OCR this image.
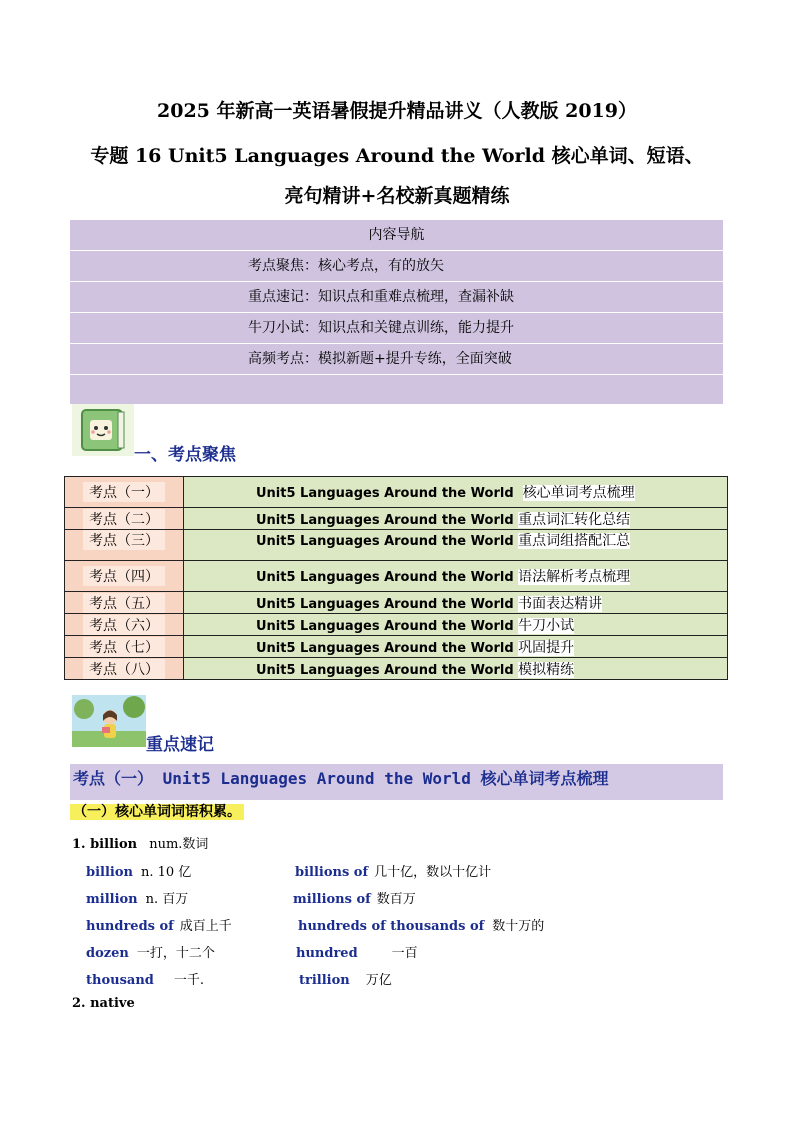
2025 年新高一英语暑假提升精品讲义（人教版 2019）
专题 16 Unit5 Languages Around the World 核心单词、短语、
亮句精讲+名校新真题精练
内容导航
考点聚焦：核心考点，有的放矢
重点速记：知识点和重难点梳理，查漏补缺
牛刀小试：知识点和关键点训练，能力提升
高频考点：模拟新题+提升专练，全面突破
一、考点聚焦
考点（一）	Unit5 Languages Around the World 核心单词考点梳理
考点（二）	Unit5 Languages Around the World 重点词汇转化总结
考点（三）	Unit5 Languages Around the World 重点词组搭配汇总
考点（四）	Unit5 Languages Around the World 语法解析考点梳理
考点（五）	Unit5 Languages Around the World 书面表达精讲
考点（六）	Unit5 Languages Around the World 牛刀小试
考点（七）	Unit5 Languages Around the World 巩固提升
考点（八）	Unit5 Languages Around the World 模拟精练
重点速记
考点（一） Unit5 Languages Around the World 核心单词考点梳理
（一）核心单词词语积累。
1. billion num.数词
billion n. 10 亿	billions of 几十亿，数以十亿计
million n. 百万	millions of 数百万
hundreds of 成百上千	hundreds of thousands of 数十万的
dozen 一打，十二个	hundred	一百
thousand 一千.	trillion 万亿
2. native
